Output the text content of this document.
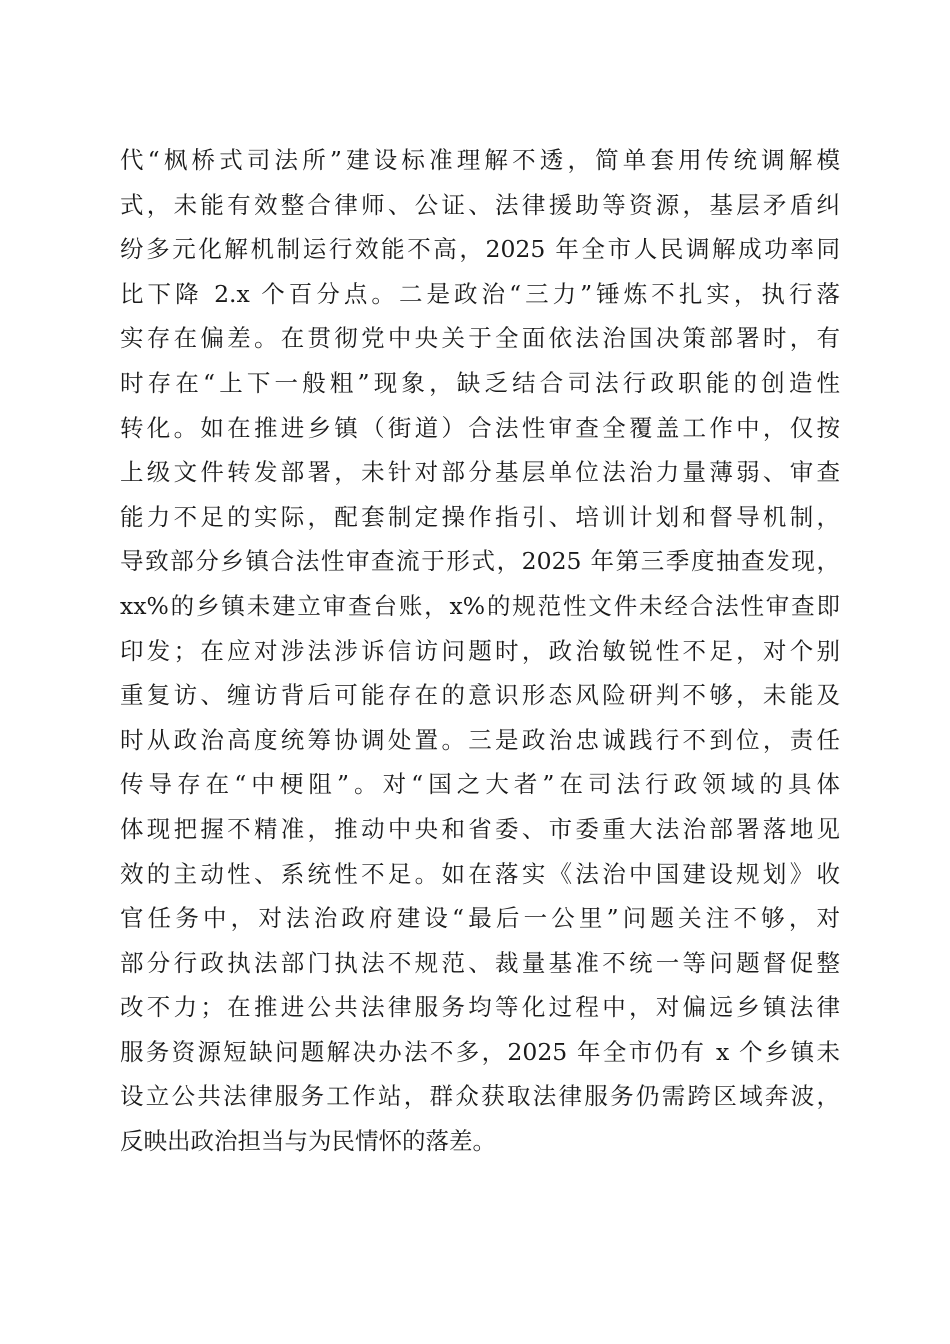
代“枫桥式司法所”建设标准理解不透，简单套用传统调解模
式，未能有效整合律师、公证、法律援助等资源，基层矛盾纠
纷多元化解机制运行效能不高，2025 年全市人民调解成功率同
比下降 2.x 个百分点。二是政治“三力”锤炼不扎实，执行落
实存在偏差。在贯彻党中央关于全面依法治国决策部署时，有
时存在“上下一般粗”现象，缺乏结合司法行政职能的创造性
转化。如在推进乡镇（街道）合法性审查全覆盖工作中，仅按
上级文件转发部署，未针对部分基层单位法治力量薄弱、审查
能力不足的实际，配套制定操作指引、培训计划和督导机制，
导致部分乡镇合法性审查流于形式，2025 年第三季度抽查发现，
xx%的乡镇未建立审查台账，x%的规范性文件未经合法性审查即
印发；在应对涉法涉诉信访问题时，政治敏锐性不足，对个别
重复访、缠访背后可能存在的意识形态风险研判不够，未能及
时从政治高度统筹协调处置。三是政治忠诚践行不到位，责任
传导存在“中梗阻”。对“国之大者”在司法行政领域的具体
体现把握不精准，推动中央和省委、市委重大法治部署落地见
效的主动性、系统性不足。如在落实《法治中国建设规划》收
官任务中，对法治政府建设“最后一公里”问题关注不够，对
部分行政执法部门执法不规范、裁量基准不统一等问题督促整
改不力；在推进公共法律服务均等化过程中，对偏远乡镇法律
服务资源短缺问题解决办法不多，2025 年全市仍有 x 个乡镇未
设立公共法律服务工作站，群众获取法律服务仍需跨区域奔波，
反映出政治担当与为民情怀的落差。
